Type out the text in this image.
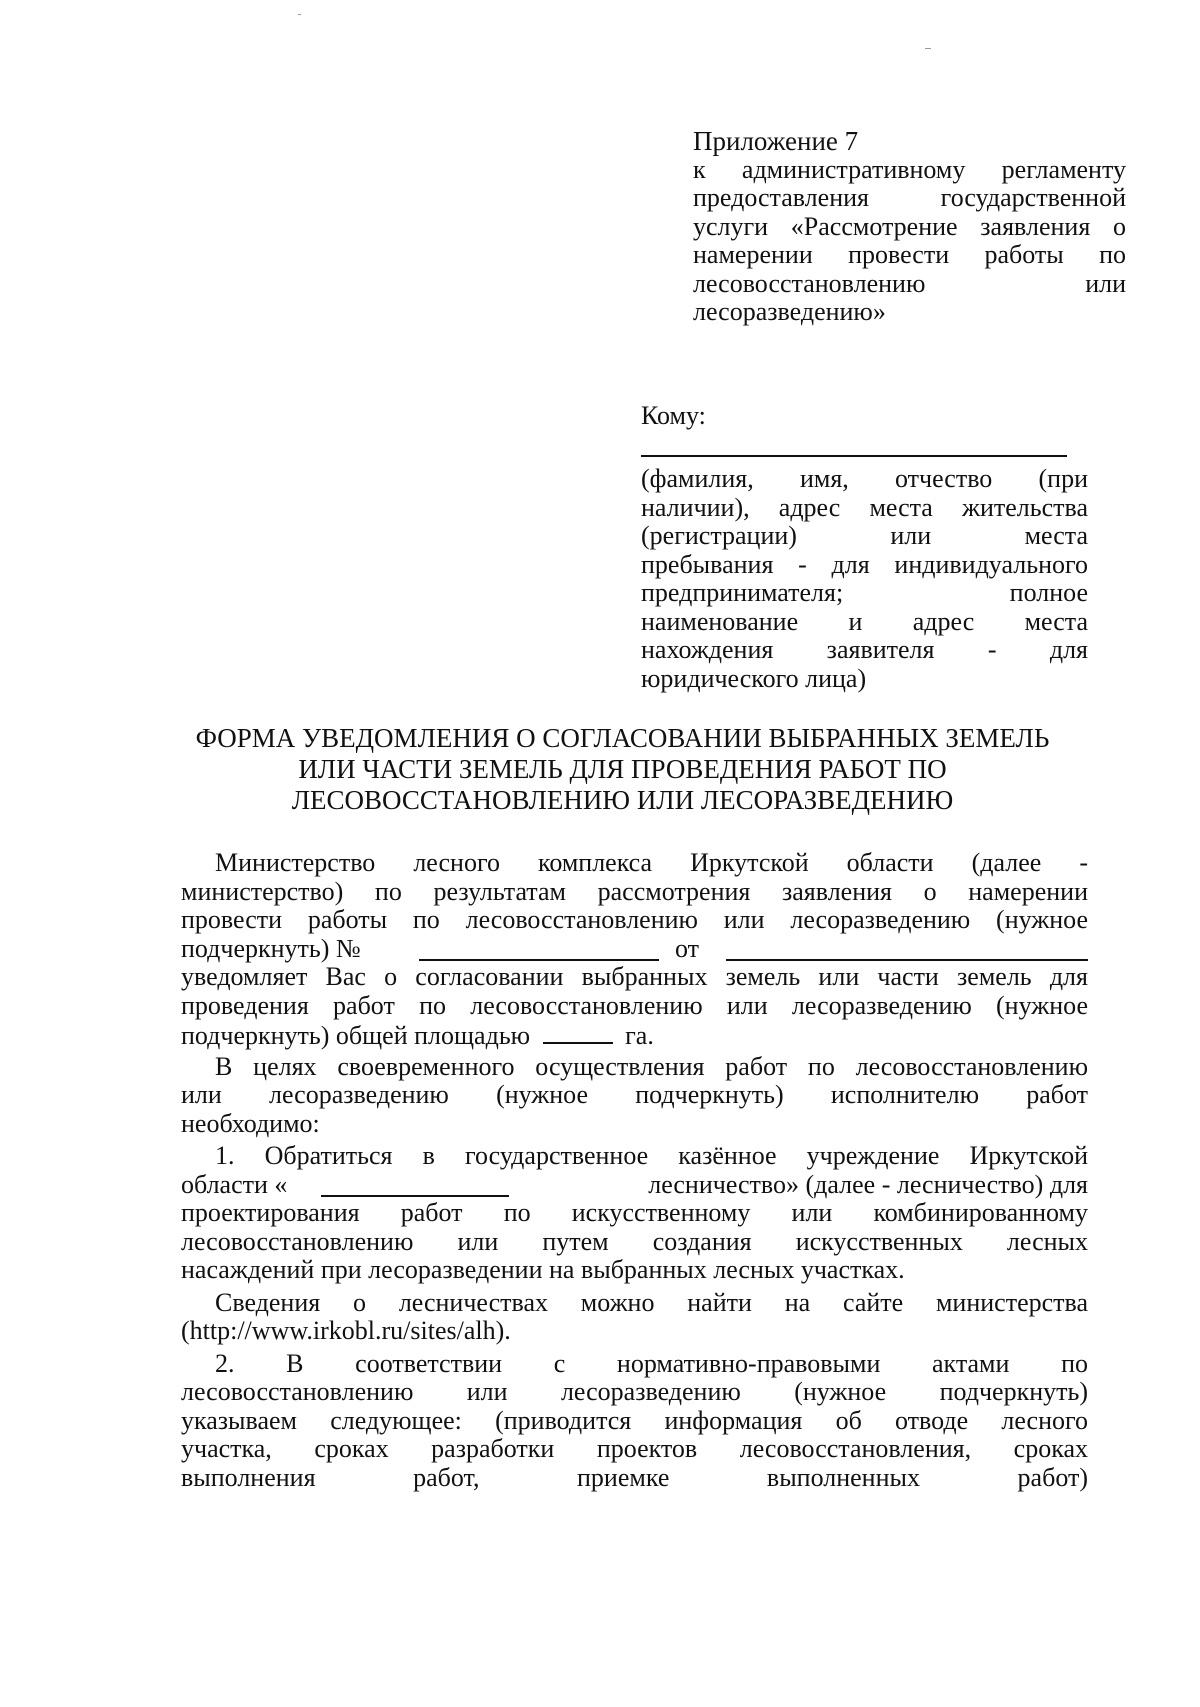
Приложение 7
к административному регламенту
предоставления государственной
услуги «Рассмотрение заявления о
намерении провести работы по
лесовосстановлению или
лесоразведению»
Кому:
(фамилия, имя, отчество (при
наличии), адрес места жительства
(регистрации) или места
пребывания - для индивидуального
предпринимателя; полное
наименование и адрес места
нахождения заявителя - для
юридического лица)
ФОРМА УВЕДОМЛЕНИЯ О СОГЛАСОВАНИИ ВЫБРАННЫХ ЗЕМЕЛЬ
ИЛИ ЧАСТИ ЗЕМЕЛЬ ДЛЯ ПРОВЕДЕНИЯ РАБОТ ПО
ЛЕСОВОССТАНОВЛЕНИЮ ИЛИ ЛЕСОРАЗВЕДЕНИЮ
Министерство лесного комплекса Иркутской области (далее -
министерство) по результатам рассмотрения заявления о намерении
провести работы по лесовосстановлению или лесоразведению (нужное
подчеркнуть) №	от
уведомляет Вас о согласовании выбранных земель или части земель для
проведения работ по лесовосстановлению или лесоразведению (нужное
подчеркнуть) общей площадью	га.
В целях своевременного осуществления работ по лесовосстановлению
или лесоразведению (нужное подчеркнуть) исполнителю работ
необходимо:
1. Обратиться в государственное казённое учреждение Иркутской
области «	лесничество» (далее - лесничество) для
проектирования работ по искусственному или комбинированному
лесовосстановлению или путем создания искусственных лесных
насаждений при лесоразведении на выбранных лесных участках.
Сведения о лесничествах можно найти на сайте министерства
(http://www.irkobl.ru/sites/alh).
2. В соответствии с нормативно-правовыми актами по
лесовосстановлению или лесоразведению (нужное подчеркнуть)
указываем следующее: (приводится информация об отводе лесного
участка, сроках разработки проектов лесовосстановления, сроках
выполнения работ, приемке выполненных работ)
